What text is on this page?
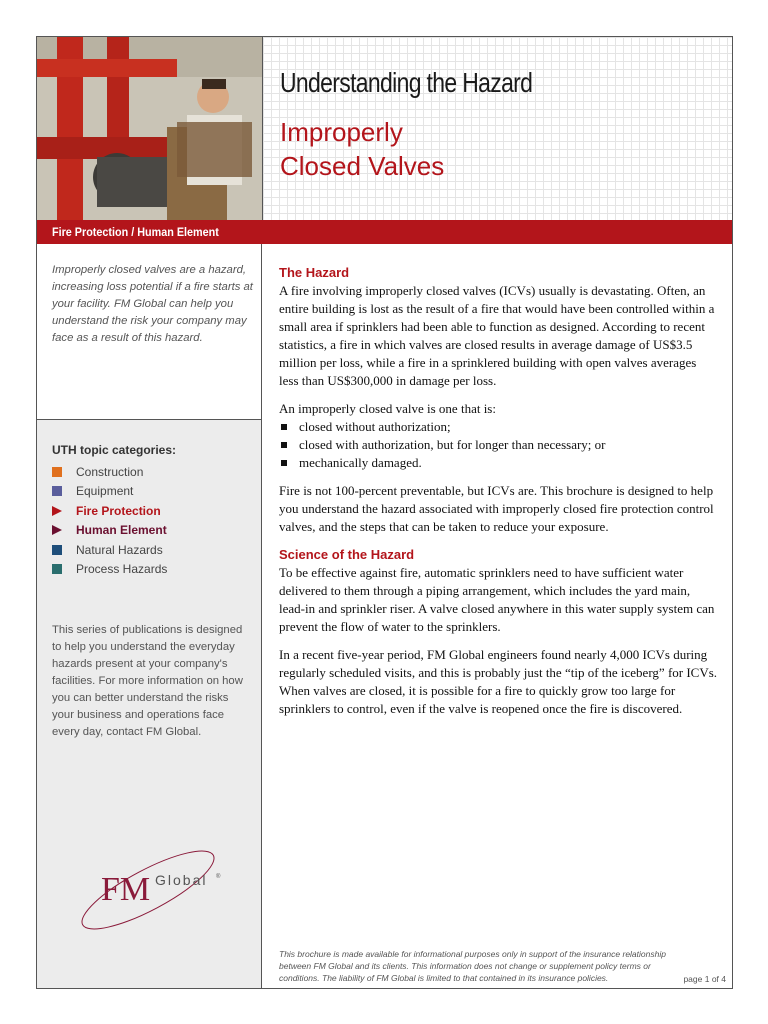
Understanding the Hazard
Improperly
Closed Valves
Fire Protection / Human Element

Improperly closed valves are a hazard, increasing loss potential if a fire starts at your facility. FM Global can help you understand the risk your company may face as a result of this hazard.

UTH topic categories:
Construction
Equipment
Fire Protection
Human Element
Natural Hazards
Process Hazards

This series of publications is designed to help you understand the everyday hazards present at your company's facilities. For more information on how you can better understand the risks your business and operations face every day, contact FM Global.

FM Global ®
The Hazard

A fire involving improperly closed valves (ICVs) usually is devastating. Often, an entire building is lost as the result of a fire that would have been controlled within a small area if sprinklers had been able to function as designed. According to recent statistics, a fire in which valves are closed results in average damage of US$3.5 million per loss, while a fire in a sprinklered building with open valves averages less than US$300,000 in damage per loss.

An improperly closed valve is one that is:

closed without authorization;
closed with authorization, but for longer than necessary; or
mechanically damaged.

Fire is not 100-percent preventable, but ICVs are. This brochure is designed to help you understand the hazard associated with improperly closed fire protection control valves, and the steps that can be taken to reduce your exposure.

Science of the Hazard

To be effective against fire, automatic sprinklers need to have sufficient water delivered to them through a piping arrangement, which includes the yard main, lead-in and sprinkler riser. A valve closed anywhere in this water supply system can prevent the flow of water to the sprinklers.

In a recent five-year period, FM Global engineers found nearly 4,000 ICVs during regularly scheduled visits, and this is probably just the “tip of the iceberg” for ICVs. When valves are closed, it is possible for a fire to quickly grow too large for sprinklers to control, even if the valve is reopened once the fire is discovered.

This brochure is made available for informational purposes only in support of the insurance relationship between FM Global and its clients. This information does not change or supplement policy terms or conditions. The liability of FM Global is limited to that contained in its insurance policies.	page 1 of 4
